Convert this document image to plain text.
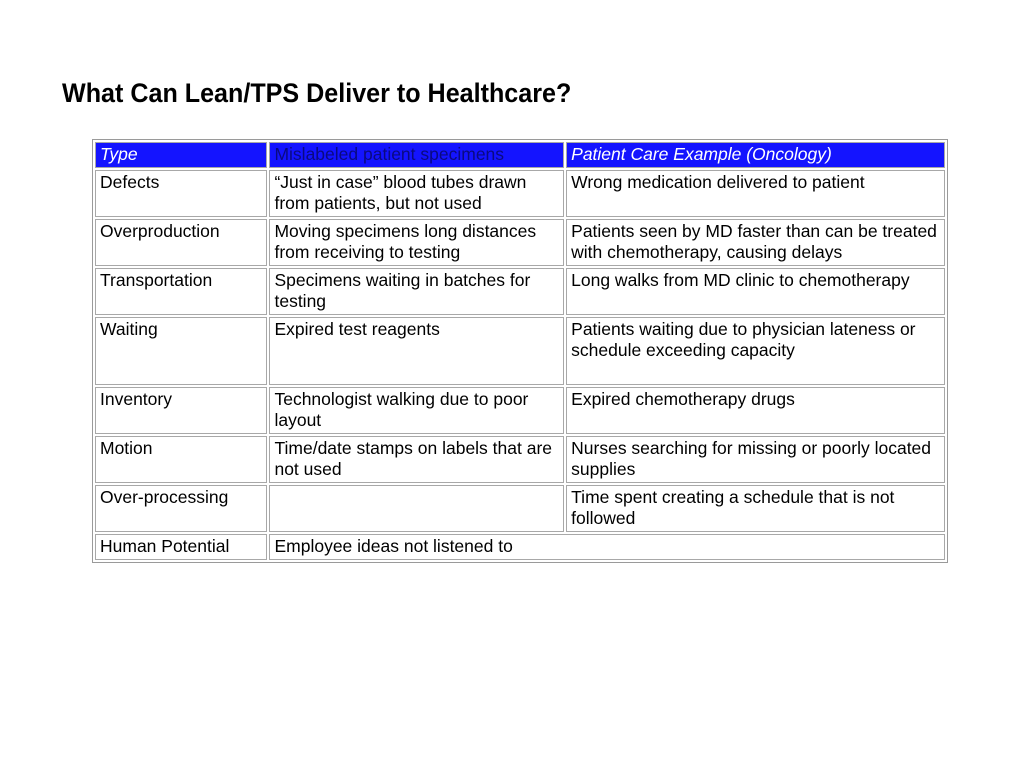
What Can Lean/TPS Deliver to Healthcare?
Type	Mislabeled patient specimens	Patient Care Example (Oncology)
Defects	“Just in case” blood tubes drawn from patients, but not used	Wrong medication delivered to patient
Overproduction	Moving specimens long distances from receiving to testing	Patients seen by MD faster than can be treated with chemotherapy, causing delays
Transportation	Specimens waiting in batches for testing	Long walks from MD clinic to chemotherapy
Waiting	Expired test reagents	Patients waiting due to physician lateness or schedule exceeding capacity
Inventory	Technologist walking due to poor layout	Expired chemotherapy drugs
Motion	Time/date stamps on labels that are not used	Nurses searching for missing or poorly located supplies
Over-processing		Time spent creating a schedule that is not followed
Human Potential	Employee ideas not listened to	
